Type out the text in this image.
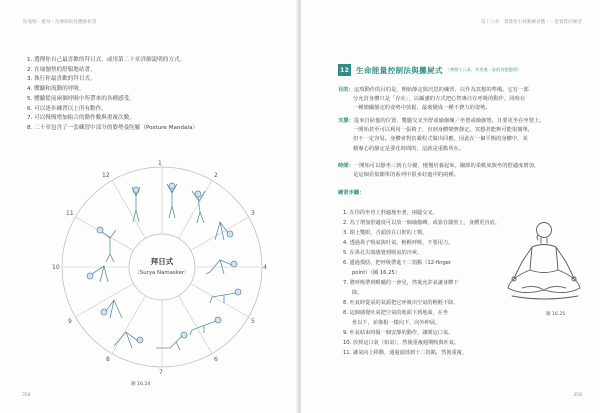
給瑜伽・健身・治療師的肢體解析書
1. 選擇你自己最喜歡的拜日式，或用第二十章詳細說明的方式。
2. 在瑜伽墊的舒服地站著。
3. 執行你最喜歡的拜日式。
4. 體驗和流動的呼吸。
5. 體驗從前兩個呼吸中所帶來的各種感受。
6. 可以逐步練習以上所有動作。
7. 可以慢慢增加組合的動作數與重複次數。
8. 二十章包含了一套練習中部分的姿勢曼陀羅（Posture Mandala）
1
2
3
4
5
6
7
8
9
10
11
12
拜日式
〔Surya Namasker〕
圖 16.24
358
第十六章　實踐指引被動練身體・一套實際的練習
12 生命能量控制法與攤屍式 （參照十八章，有更進一步的冥想說明）

目的：這項動作的目的是，開始靜定與沉思的練習，以作為冥想的準備。它有一部

分允許身體只是「存在」，以顧慮的方式把心智專注在呼吸的動作，同時在

一種簡關靜定的姿勢中放鬆，最後變成一種不費力的姿勢。

支撐：從來自給他的位置，雙腿交叉至舒或瑜伽練／坐墊或瑜伽墊，且要更坐在坐墊上。

一開始甚至可以利用一張椅子，直到身體變費靜定，冥想者能夠可能很簡單，

但不一定容易。身體會對負載程式做出回應，因此在一個平衡的身體中，某

積專心的靜定是要花時間的，這就是重點所在。

時間：一開始可以靜坐三到五分鐘，慢慢培養起來。關節的柔軟度與坐的舒適度增加，

是這個看似簡單的系列中很多好處中的兩種。

練習步驟：

1. 在你的坐骨上舒適地坐著，兩腿交叉。
2. 為了增加舒適度可以放一個瑜伽磚，或靠在牆壁上，身體更直底。
3. 閉上雙眼，舌頭放在口腔的上顎。
4. 透過鼻子吸氣與吐氣，輕輕呼吸，不要用力。
5. 在鼻孔尖端感覺到吸氣的冷爽。
6. 邊過摸肋，把呼吸帶進十二指點（12-finger
point）（圖 16.25）
7. 將呼吸帶到喉嚨的一會兒，然後允許氣讓身體下
降。
8. 吐氣時從氣的氣源把它呼吸出空氣的輕輕下降。
8. 這個感覺吐氣把空氣的地面下到地面，在坐
骨以下，並像根一樣向下，向外伸展。
9. 吐氣結束時做一個安靜的動作，讓間這口氣。
10. 放掉這口氣（如氣），然後重複週期吸與吐氣。
11. 讓氣向上移動，通過頭部到十二指點，然後重複。
圖 16.25
359
